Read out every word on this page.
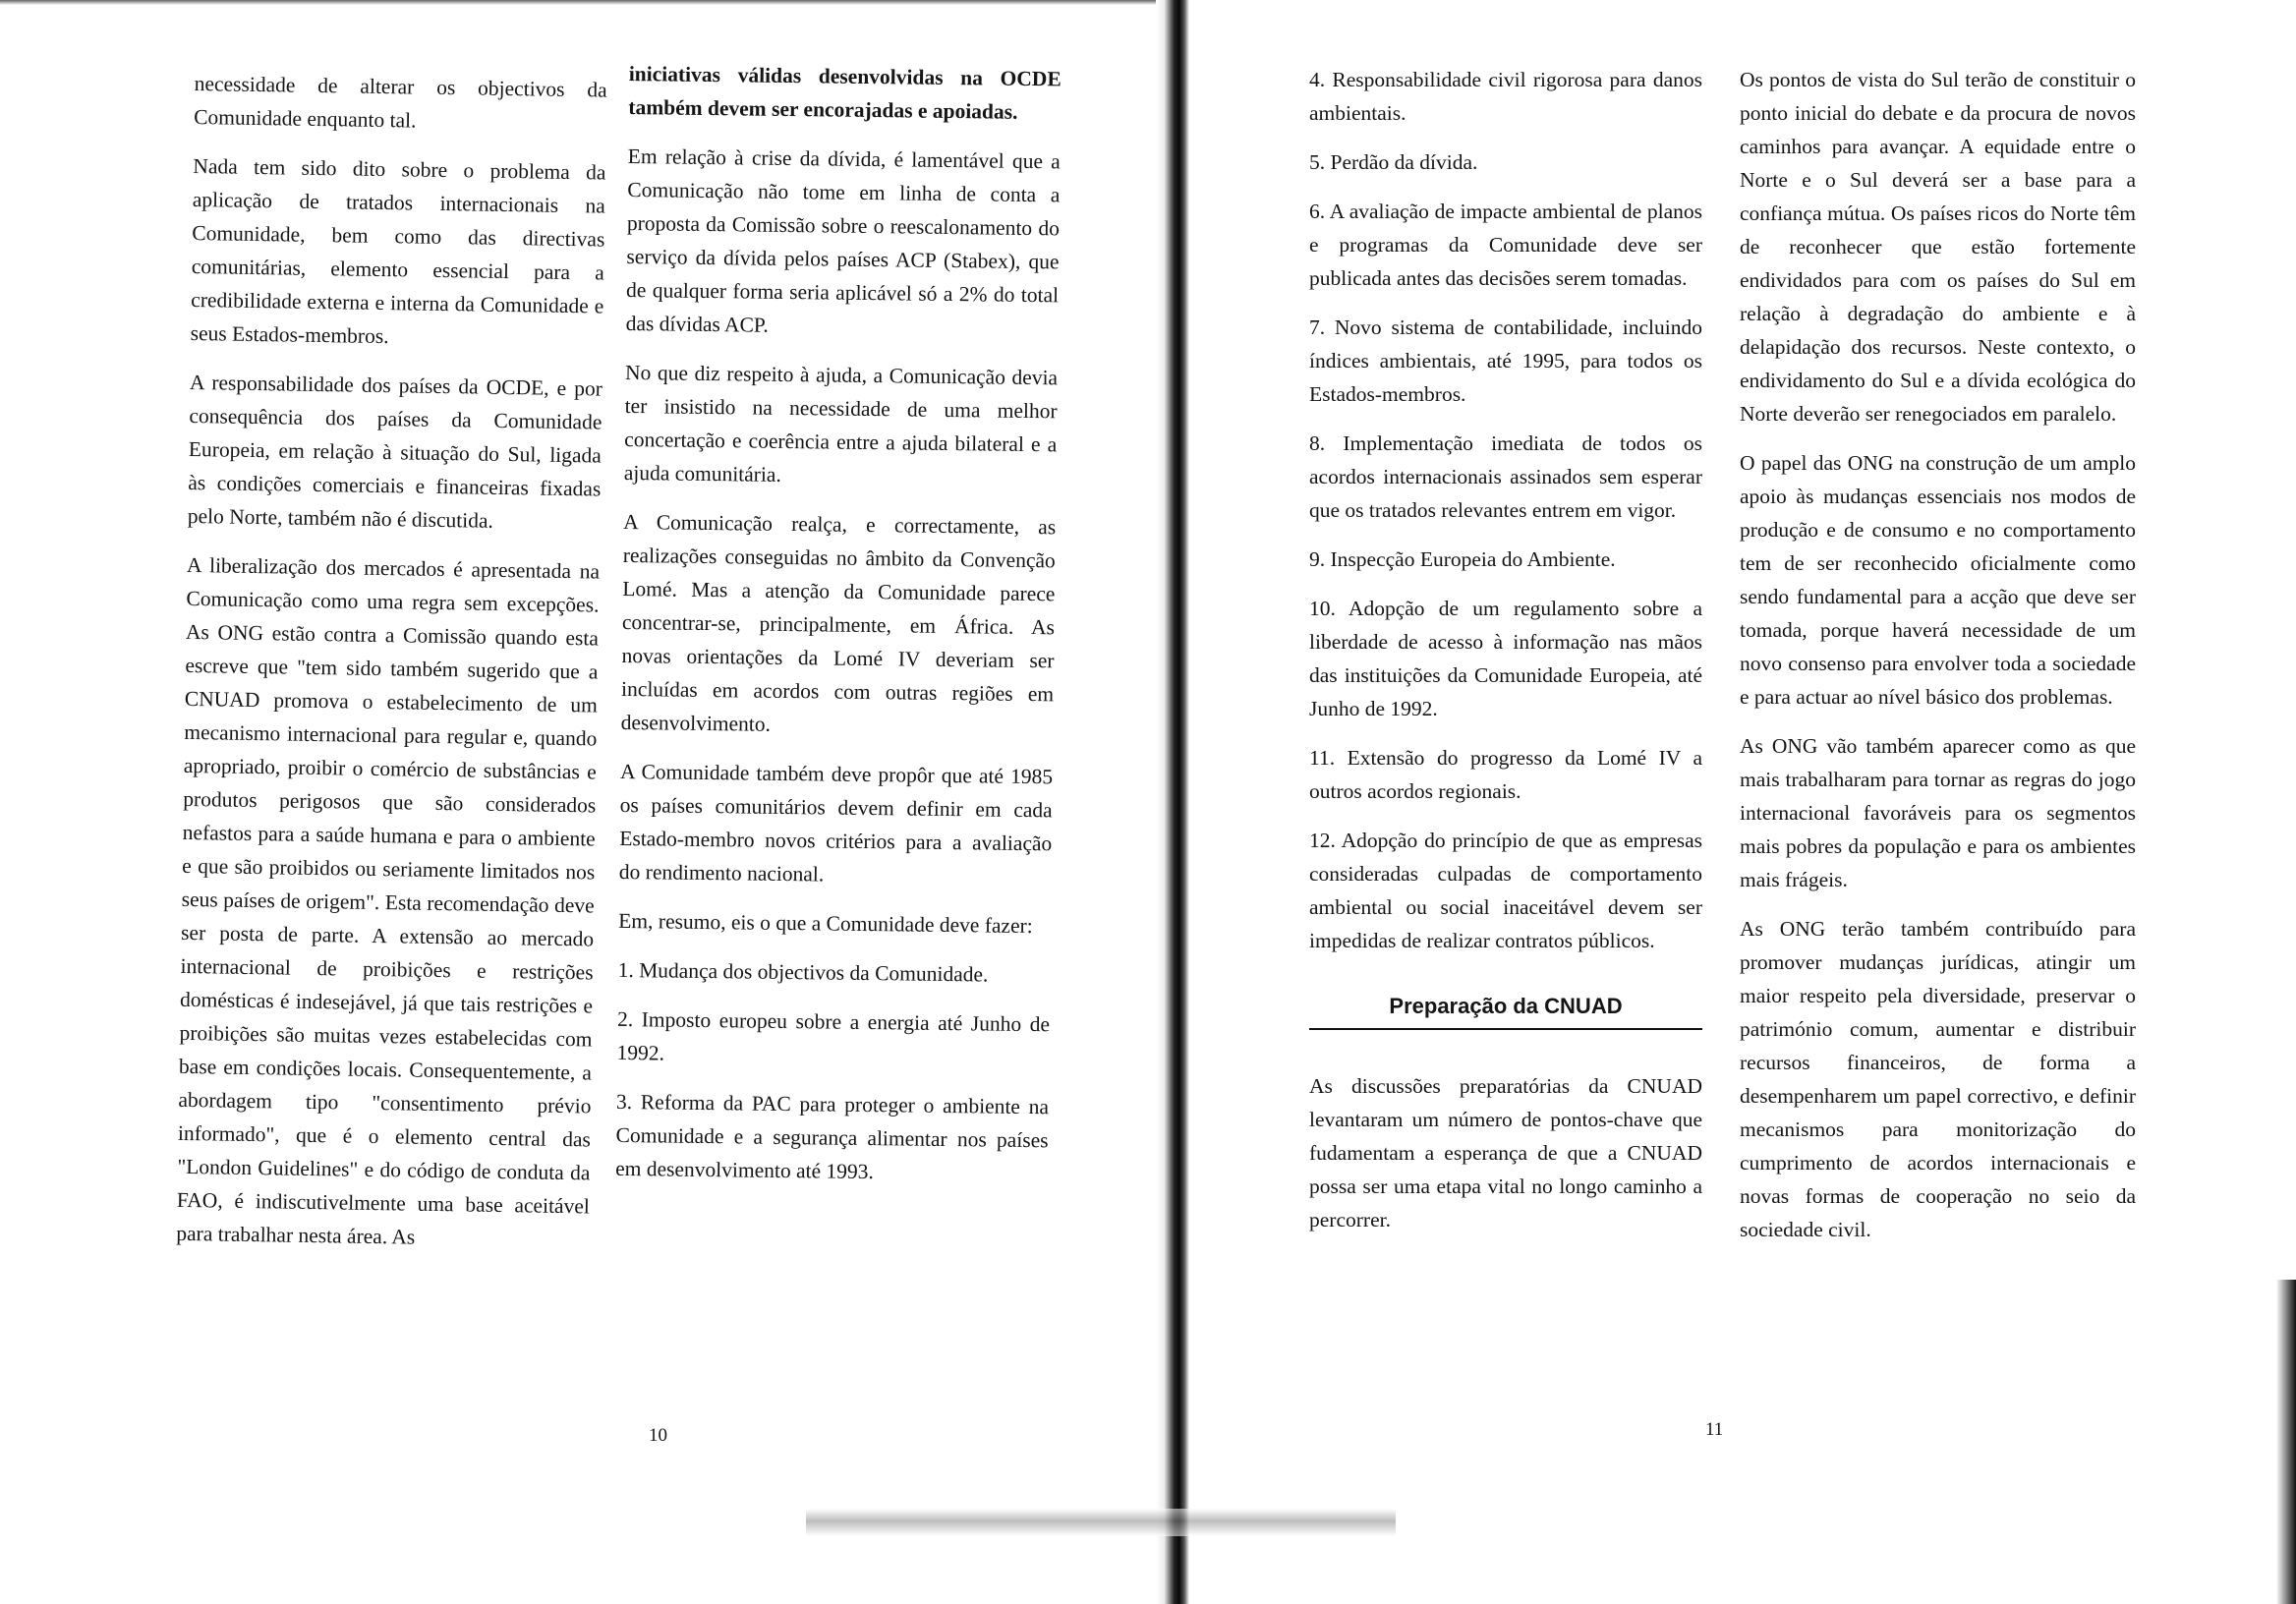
necessidade de alterar os objectivos da Comunidade enquanto tal.

Nada tem sido dito sobre o problema da aplicação de tratados internacionais na Comunidade, bem como das directivas comunitárias, elemento essencial para a credibilidade externa e interna da Comunidade e seus Estados-membros.

A responsabilidade dos países da OCDE, e por consequência dos países da Comunidade Europeia, em relação à situação do Sul, ligada às condições comerciais e financeiras fixadas pelo Norte, também não é discutida.

A liberalização dos mercados é apresentada na Comunicação como uma regra sem excepções. As ONG estão contra a Comissão quando esta escreve que "tem sido também sugerido que a CNUAD promova o estabelecimento de um mecanismo internacional para regular e, quando apropriado, proibir o comércio de substâncias e produtos perigosos que são considerados nefastos para a saúde humana e para o ambiente e que são proibidos ou seriamente limitados nos seus países de origem". Esta recomendação deve ser posta de parte. A extensão ao mercado internacional de proibições e restrições domésticas é indesejável, já que tais restrições e proibições são muitas vezes estabelecidas com base em condições locais. Consequentemente, a abordagem tipo "consentimento prévio informado", que é o elemento central das "London Guidelines" e do código de conduta da FAO, é indiscutivelmente uma base aceitável para trabalhar nesta área. As

iniciativas válidas desenvolvidas na OCDE também devem ser encorajadas e apoiadas.

Em relação à crise da dívida, é lamentável que a Comunicação não tome em linha de conta a proposta da Comissão sobre o reescalonamento do serviço da dívida pelos países ACP (Stabex), que de qualquer forma seria aplicável só a 2% do total das dívidas ACP.

No que diz respeito à ajuda, a Comunicação devia ter insistido na necessidade de uma melhor concertação e coerência entre a ajuda bilateral e a ajuda comunitária.

A Comunicação realça, e correctamente, as realizações conseguidas no âmbito da Convenção Lomé. Mas a atenção da Comunidade parece concentrar-se, principalmente, em África. As novas orientações da Lomé IV deveriam ser incluídas em acordos com outras regiões em desenvolvimento.

A Comunidade também deve propôr que até 1985 os países comunitários devem definir em cada Estado-membro novos critérios para a avaliação do rendimento nacional.

Em, resumo, eis o que a Comunidade deve fazer:

1. Mudança dos objectivos da Comunidade.

2. Imposto europeu sobre a energia até Junho de 1992.

3. Reforma da PAC para proteger o ambiente na Comunidade e a segurança alimentar nos países em desenvolvimento até 1993.

10

4. Responsabilidade civil rigorosa para danos ambientais.

5. Perdão da dívida.

6. A avaliação de impacte ambiental de planos e programas da Comunidade deve ser publicada antes das decisões serem tomadas.

7. Novo sistema de contabilidade, incluindo índices ambientais, até 1995, para todos os Estados-membros.

8. Implementação imediata de todos os acordos internacionais assinados sem esperar que os tratados relevantes entrem em vigor.

9. Inspecção Europeia do Ambiente.

10. Adopção de um regulamento sobre a liberdade de acesso à informação nas mãos das instituições da Comunidade Europeia, até Junho de 1992.

11. Extensão do progresso da Lomé IV a outros acordos regionais.

12. Adopção do princípio de que as empresas consideradas culpadas de comportamento ambiental ou social inaceitável devem ser impedidas de realizar contratos públicos.

Preparação da CNUAD

As discussões preparatórias da CNUAD levantaram um número de pontos-chave que fudamentam a esperança de que a CNUAD possa ser uma etapa vital no longo caminho a percorrer.

Os pontos de vista do Sul terão de constituir o ponto inicial do debate e da procura de novos caminhos para avançar. A equidade entre o Norte e o Sul deverá ser a base para a confiança mútua. Os países ricos do Norte têm de reconhecer que estão fortemente endividados para com os países do Sul em relação à degradação do ambiente e à delapidação dos recursos. Neste contexto, o endividamento do Sul e a dívida ecológica do Norte deverão ser renegociados em paralelo.

O papel das ONG na construção de um amplo apoio às mudanças essenciais nos modos de produção e de consumo e no comportamento tem de ser reconhecido oficialmente como sendo fundamental para a acção que deve ser tomada, porque haverá necessidade de um novo consenso para envolver toda a sociedade e para actuar ao nível básico dos problemas.

As ONG vão também aparecer como as que mais trabalharam para tornar as regras do jogo internacional favoráveis para os segmentos mais pobres da população e para os ambientes mais frágeis.

As ONG terão também contribuído para promover mudanças jurídicas, atingir um maior respeito pela diversidade, preservar o património comum, aumentar e distribuir recursos financeiros, de forma a desempenharem um papel correctivo, e definir mecanismos para monitorização do cumprimento de acordos internacionais e novas formas de cooperação no seio da sociedade civil.

11
